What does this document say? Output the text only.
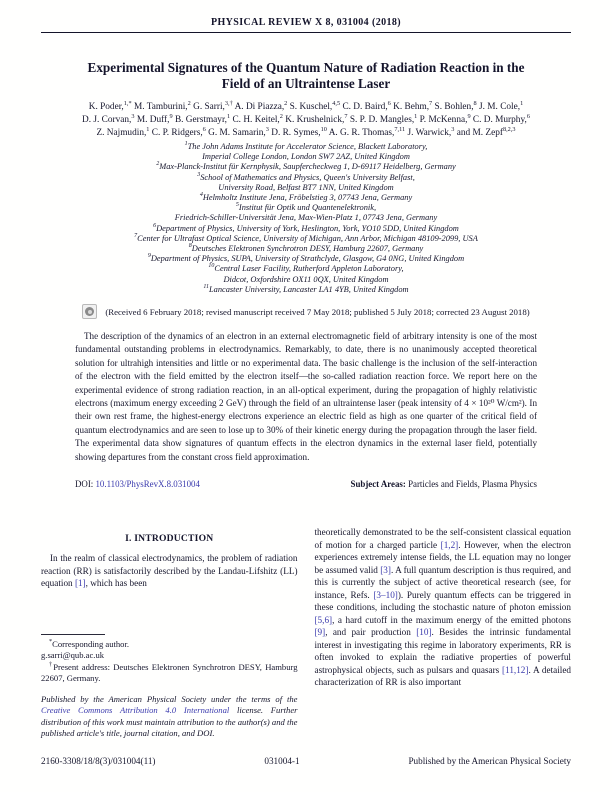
PHYSICAL REVIEW X 8, 031004 (2018)
Experimental Signatures of the Quantum Nature of Radiation Reaction in the
Field of an Ultraintense Laser
K. Poder,$^{1,*}$ M. Tamburini,$^2$ G. Sarri,$^{3,\dagger}$ A. Di Piazza,$^2$ S. Kuschel,$^{4,5}$ C. D. Baird,$^6$ K. Behm,$^7$ S. Bohlen,$^8$ J. M. Cole,$^1$
D. J. Corvan,$^3$ M. Duff,$^9$ B. Gerstmayr,$^1$ C. H. Keitel,$^2$ K. Krushelnick,$^7$ S. P. D. Mangles,$^1$ P. McKenna,$^9$ C. D. Murphy,$^6$
Z. Najmudin,$^1$ C. P. Ridgers,$^6$ G. M. Samarin,$^3$ D. R. Symes,$^{10}$ A. G. R. Thomas,$^{7,11}$ J. Warwick,$^3$ and M. Zepf$^{8,2,3}$
$^1$The John Adams Institute for Accelerator Science, Blackett Laboratory,
Imperial College London, London SW7 2AZ, United Kingdom
$^2$Max-Planck-Institut für Kernphysik, Saupfercheckweg 1, D-69117 Heidelberg, Germany
$^3$School of Mathematics and Physics, Queen's University Belfast,
University Road, Belfast BT7 1NN, United Kingdom
$^4$Helmholtz Institute Jena, Fröbelstieg 3, 07743 Jena, Germany
$^5$Institut für Optik und Quantenelektronik,
Friedrich-Schiller-Universität Jena, Max-Wien-Platz 1, 07743 Jena, Germany
$^6$Department of Physics, University of York, Heslington, York, YO10 5DD, United Kingdom
$^7$Center for Ultrafast Optical Science, University of Michigan, Ann Arbor, Michigan 48109-2099, USA
$^8$Deutsches Elektronen Synchrotron DESY, Hamburg 22607, Germany
$^9$Department of Physics, SUPA, University of Strathclyde, Glasgow, G4 0NG, United Kingdom
$^{10}$Central Laser Facility, Rutherford Appleton Laboratory,
Didcot, Oxfordshire OX11 0QX, United Kingdom
$^{11}$Lancaster University, Lancaster LA1 4YB, United Kingdom
(Received 6 February 2018; revised manuscript received 7 May 2018; published 5 July 2018; corrected 23 August 2018)

The description of the dynamics of an electron in an external electromagnetic field of arbitrary intensity is one of the most fundamental outstanding problems in electrodynamics. Remarkably, to date, there is no unanimously accepted theoretical solution for ultrahigh intensities and little or no experimental data. The basic challenge is the inclusion of the self-interaction of the electron with the field emitted by the electron itself—the so-called radiation reaction force. We report here on the experimental evidence of strong radiation reaction, in an all-optical experiment, during the propagation of highly relativistic electrons (maximum energy exceeding 2 GeV) through the field of an ultraintense laser (peak intensity of 4 × 10²⁰ W/cm²). In their own rest frame, the highest-energy electrons experience an electric field as high as one quarter of the critical field of quantum electrodynamics and are seen to lose up to 30% of their kinetic energy during the propagation through the laser field. The experimental data show signatures of quantum effects in the electron dynamics in the external laser field, potentially showing departures from the constant cross field approximation.

DOI: 10.1103/PhysRevX.8.031004	Subject Areas: Particles and Fields, Plasma Physics
I. INTRODUCTION

In the realm of classical electrodynamics, the problem of radiation reaction (RR) is satisfactorily described by the Landau-Lifshitz (LL) equation [1], which has been

*Corresponding author.
g.sarri@qub.ac.uk
†Present address: Deutsches Elektronen Synchrotron DESY, Hamburg 22607, Germany.

Published by the American Physical Society under the terms of the Creative Commons Attribution 4.0 International license. Further distribution of this work must maintain attribution to the author(s) and the published article's title, journal citation, and DOI.

theoretically demonstrated to be the self-consistent classical equation of motion for a charged particle [1,2]. However, when the electron experiences extremely intense fields, the LL equation may no longer be assumed valid [3]. A full quantum description is thus required, and this is currently the subject of active theoretical research (see, for instance, Refs. [3–10]). Purely quantum effects can be triggered in these conditions, including the stochastic nature of photon emission [5,6], a hard cutoff in the maximum energy of the emitted photons [9], and pair production [10]. Besides the intrinsic fundamental interest in investigating this regime in laboratory experiments, RR is often invoked to explain the radiative properties of powerful astrophysical objects, such as pulsars and quasars [11,12]. A detailed characterization of RR is also important

2160-3308/18/8(3)/031004(11)	031004-1	Published by the American Physical Society
